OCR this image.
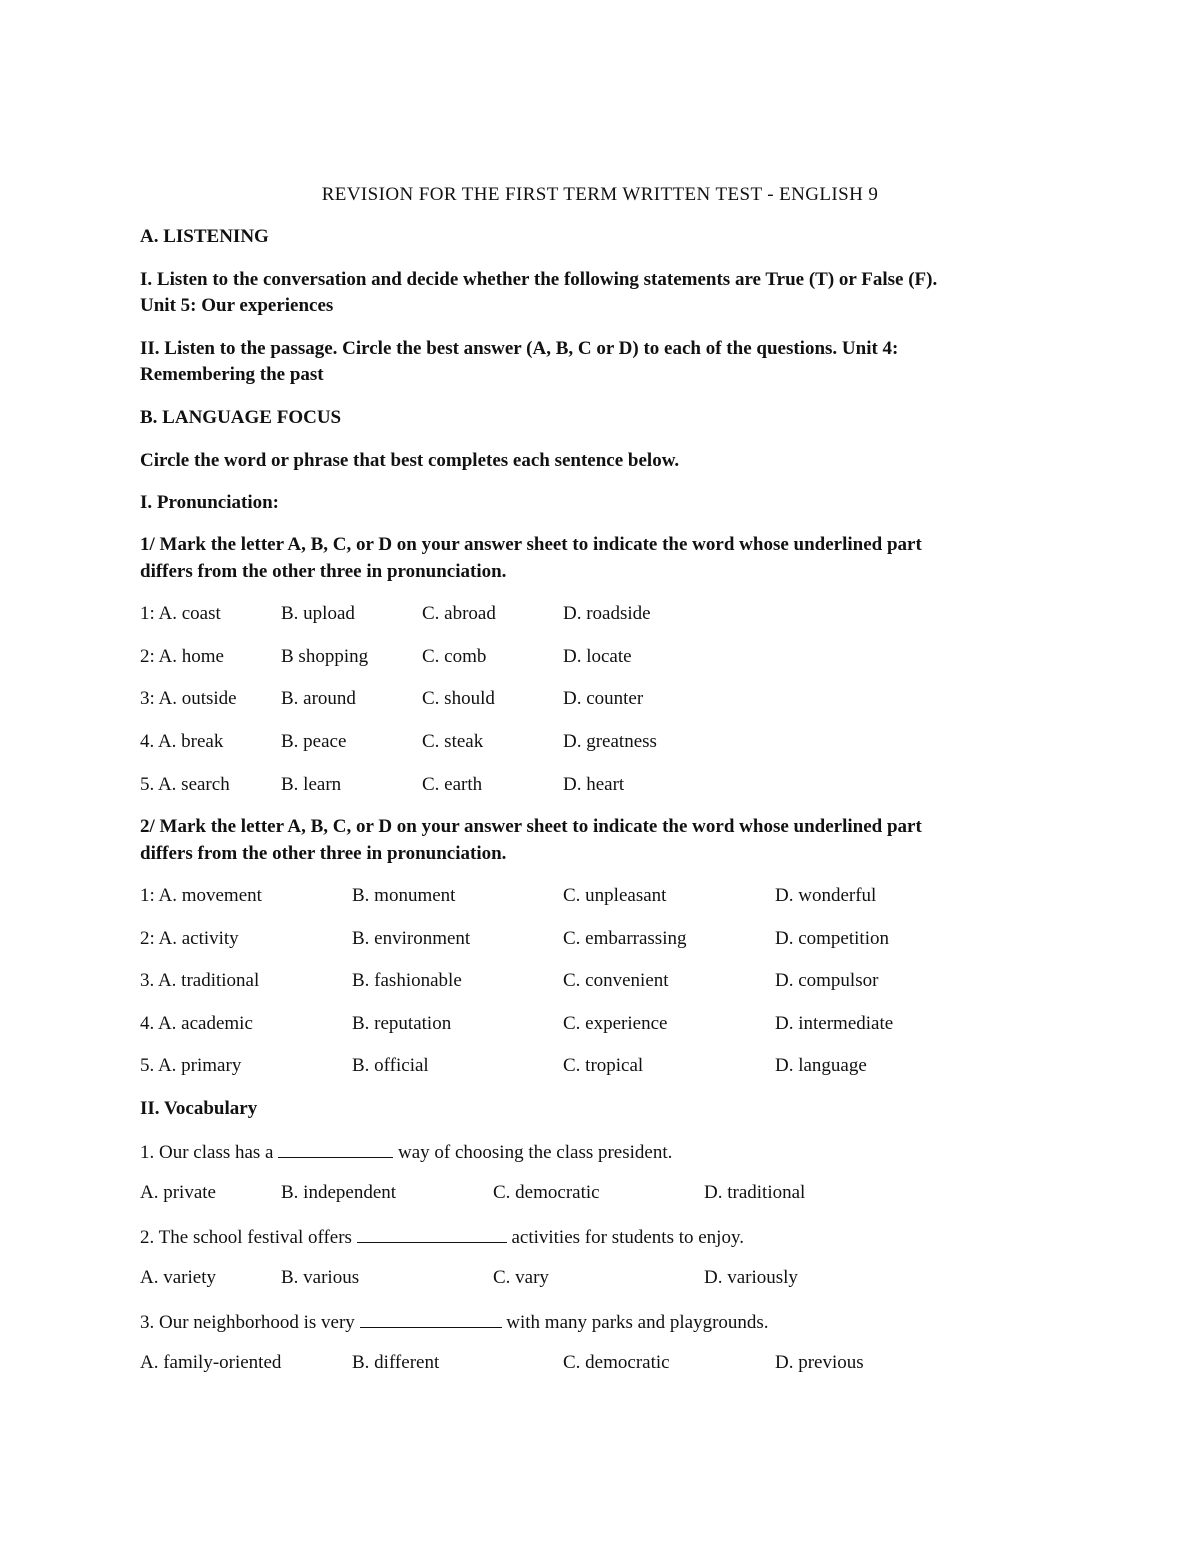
REVISION FOR THE FIRST TERM WRITTEN TEST - ENGLISH 9
A. LISTENING
I. Listen to the conversation and decide whether the following statements are True (T) or False (F).
Unit 5: Our experiences
II. Listen to the passage. Circle the best answer (A, B, C or D) to each of the questions. Unit 4:
Remembering the past
B. LANGUAGE FOCUS
Circle the word or phrase that best completes each sentence below.
I. Pronunciation:
1/ Mark the letter A, B, C, or D on your answer sheet to indicate the word whose underlined part
differs from the other three in pronunciation.
1: A. coast	B. upload	C. abroad	D. roadside
2: A. home	B shopping	C. comb	D. locate
3: A. outside B. around	C. should	D. counter
4. A. break	B. peace	C. steak	D. greatness
5. A. search	B. learn	C. earth	D. heart
2/ Mark the letter A, B, C, or D on your answer sheet to indicate the word whose underlined part
differs from the other three in pronunciation.
1: A. movement	B. monument	C. unpleasant	D. wonderful
2: A. activity	B. environment	C. embarrassing	D. competition
3. A. traditional	B. fashionable	C. convenient	D. compulsor
4. A. academic	B. reputation	C. experience	D. intermediate
5. A. primary	B. official	C. tropical	D. language
II. Vocabulary
1. Our class has a	way of choosing the class president.
A. private	B. independent	C. democratic	D. traditional
2. The school festival offers	activities for students to enjoy.
A. variety	B. various	C. vary	D. variously
3. Our neighborhood is very	with many parks and playgrounds.
A. family-oriented	B. different	C. democratic	D. previous
